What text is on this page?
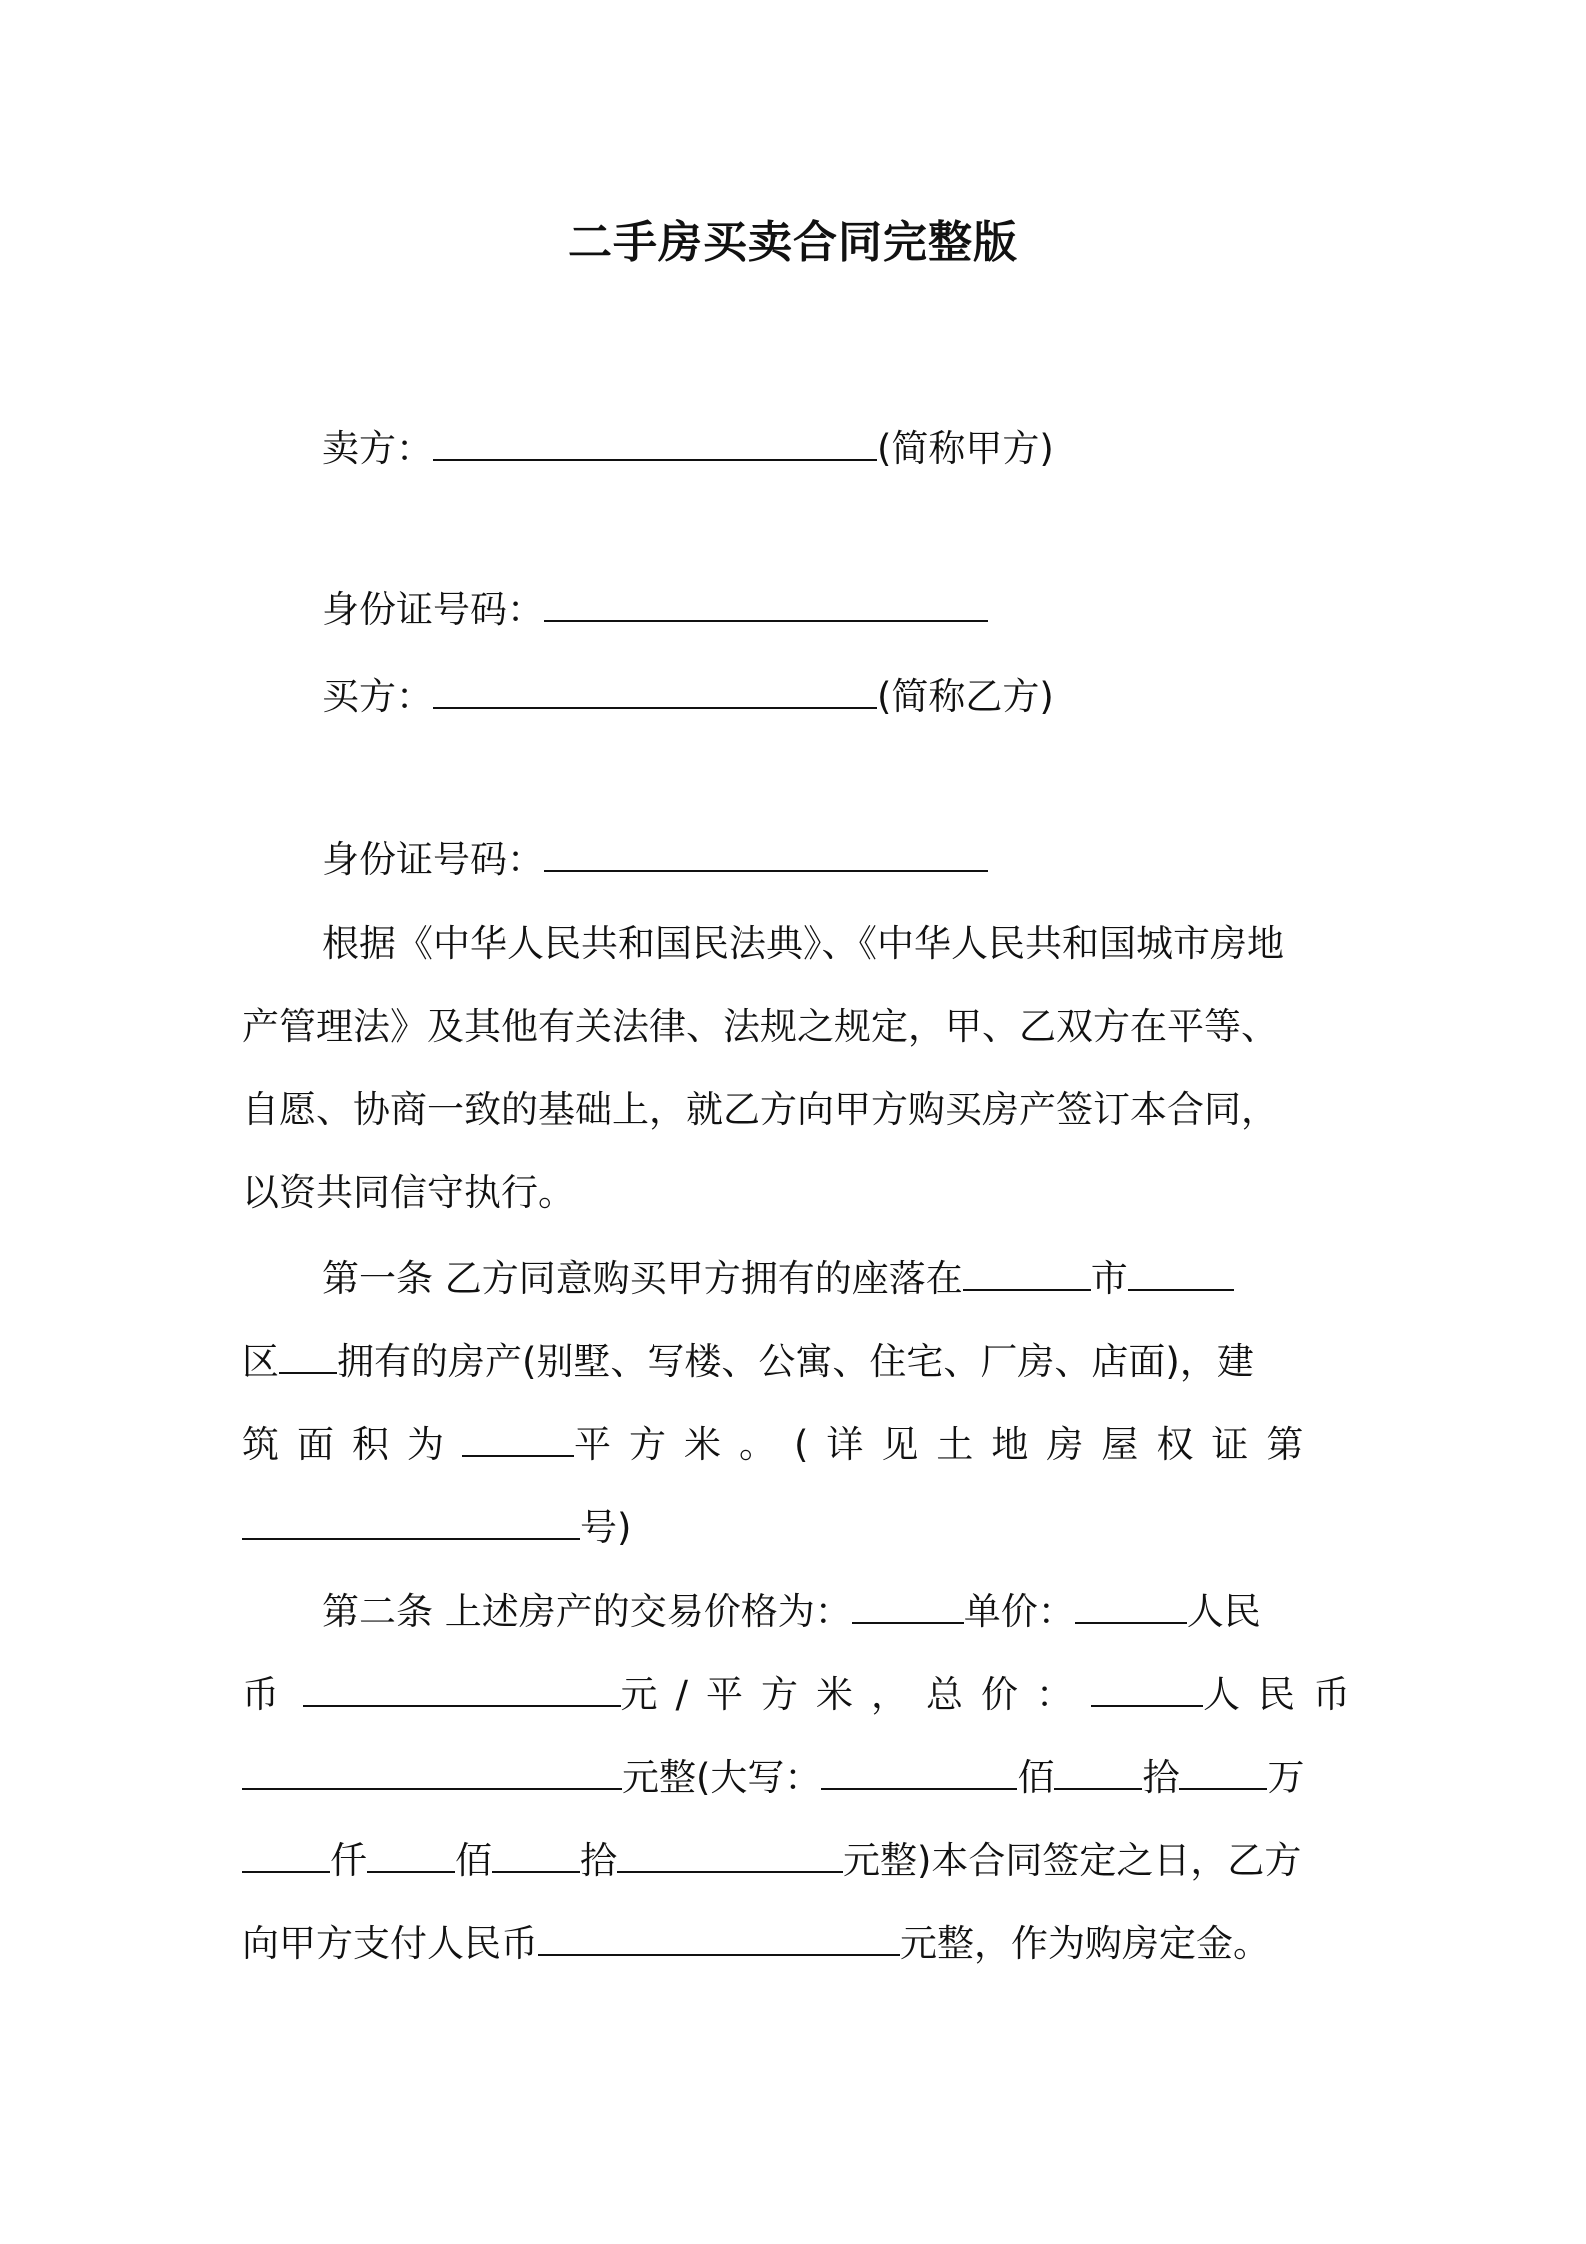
二手房买卖合同完整版
卖方：	(简称甲方)
身份证号码：
买方：	(简称乙方)
身份证号码：
根据《中华人民共和国民法典》、《中华人民共和国城市房地
产管理法》及其他有关法律、法规之规定，甲、乙双方在平等、
自愿、协商一致的基础上，就乙方向甲方购买房产签订本合同，
以资共同信守执行。
第一条 乙方同意购买甲方拥有的座落在	市
区 拥有的房产(别墅、写楼、公寓、住宅、厂房、店面)，建
筑面积为	平方米。(详见土地房屋权证第
号)
第二条 上述房产的交易价格为：	单价：	人民
币	元/平方米，总价：	人民币
元整(大写：	佰 拾 万
仟 佰 拾	元整)本合同签定之日，乙方
向甲方支付人民币	元整，作为购房定金。
